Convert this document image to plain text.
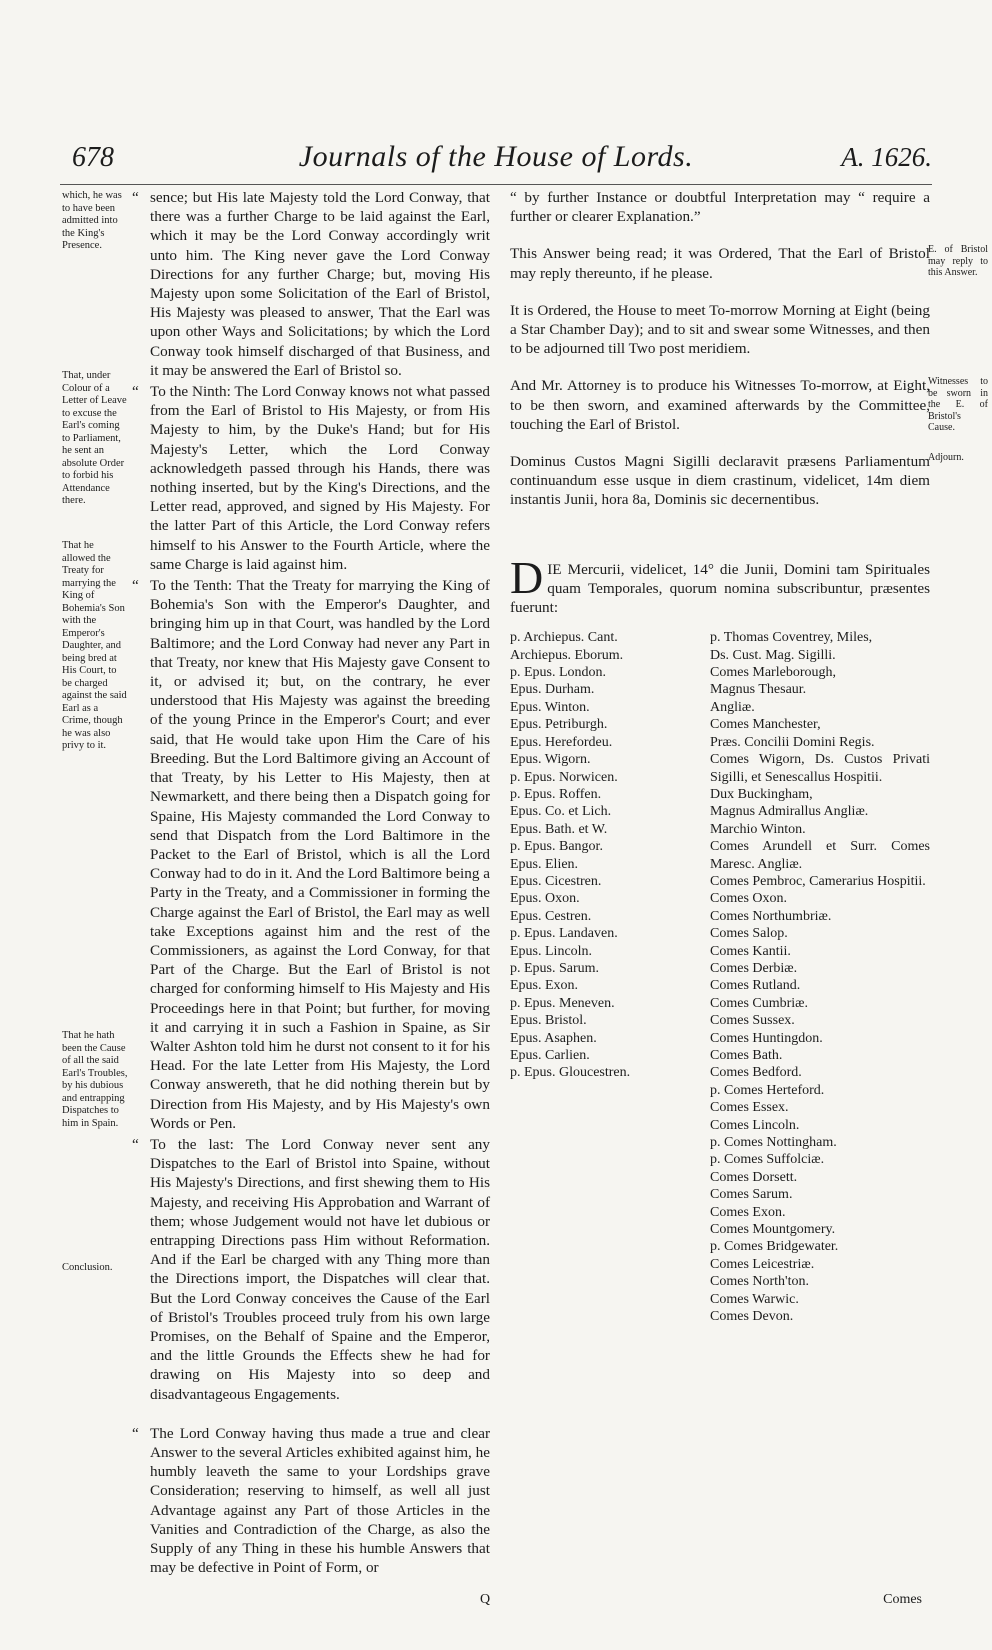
678	Journals of the House of Lords.	A. 1626.
which, he was to have been admitted into the King's Presence.
That, under Colour of a Letter of Leave to excuse the Earl's coming to Parliament, he sent an absolute Order to forbid his Attendance there.
That he allowed the Treaty for marrying the King of Bohemia's Son with the Emperor's Daughter, and being bred at His Court, to be charged against the said Earl as a Crime, though he was also privy to it.
That he hath been the Cause of all the said Earl's Troubles, by his dubious and entrapping Dispatches to him in Spain.
Conclusion.

“ sence; but His late Majesty told the Lord Conway, that there was a further Charge to be laid against the Earl, which it may be the Lord Conway accordingly writ unto him. The King never gave the Lord Conway Directions for any further Charge; but, moving His Majesty upon some Solicitation of the Earl of Bristol, His Majesty was pleased to answer, That the Earl was upon other Ways and Solicitations; by which the Lord Conway took himself discharged of that Business, and it may be answered the Earl of Bristol so.

“ To the Ninth: The Lord Conway knows not what passed from the Earl of Bristol to His Majesty, or from His Majesty to him, by the Duke's Hand; but for His Majesty's Letter, which the Lord Conway acknowledgeth passed through his Hands, there was nothing inserted, but by the King's Directions, and the Letter read, approved, and signed by His Majesty. For the latter Part of this Article, the Lord Conway refers himself to his Answer to the Fourth Article, where the same Charge is laid against him.

“ To the Tenth: That the Treaty for marrying the King of Bohemia's Son with the Emperor's Daughter, and bringing him up in that Court, was handled by the Lord Baltimore; and the Lord Conway had never any Part in that Treaty, nor knew that His Majesty gave Consent to it, or advised it; but, on the contrary, he ever understood that His Majesty was against the breeding of the young Prince in the Emperor's Court; and ever said, that He would take upon Him the Care of his Breeding. But the Lord Baltimore giving an Account of that Treaty, by his Letter to His Majesty, then at Newmarkett, and there being then a Dispatch going for Spaine, His Majesty commanded the Lord Conway to send that Dispatch from the Lord Baltimore in the Packet to the Earl of Bristol, which is all the Lord Conway had to do in it. And the Lord Baltimore being a Party in the Treaty, and a Commissioner in forming the Charge against the Earl of Bristol, the Earl may as well take Exceptions against him and the rest of the Commissioners, as against the Lord Conway, for that Part of the Charge. But the Earl of Bristol is not charged for conforming himself to His Majesty and His Proceedings here in that Point; but further, for moving it and carrying it in such a Fashion in Spaine, as Sir Walter Ashton told him he durst not consent to it for his Head. For the late Letter from His Majesty, the Lord Conway answereth, that he did nothing therein but by Direction from His Majesty, and by His Majesty's own Words or Pen.

“ To the last: The Lord Conway never sent any Dispatches to the Earl of Bristol into Spaine, without His Majesty's Directions, and first shewing them to His Majesty, and receiving His Approbation and Warrant of them; whose Judgement would not have let dubious or entrapping Directions pass Him without Reformation. And if the Earl be charged with any Thing more than the Directions import, the Dispatches will clear that. But the Lord Conway conceives the Cause of the Earl of Bristol's Troubles proceed truly from his own large Promises, on the Behalf of Spaine and the Emperor, and the little Grounds the Effects shew he had for drawing on His Majesty into so deep and disadvantageous Engagements.

“ The Lord Conway having thus made a true and clear Answer to the several Articles exhibited against him, he humbly leaveth the same to your Lordships grave Consideration; reserving to himself, as well all just Advantage against any Part of those Articles in the Vanities and Contradiction of the Charge, as also the Supply of any Thing in these his humble Answers that may be defective in Point of Form, or

“ by further Instance or doubtful Interpretation may “ require a further or clearer Explanation.”

This Answer being read; it was Ordered, That the Earl of Bristol may reply thereunto, if he please.

E. of Bristol may reply to this Answer.

It is Ordered, the House to meet To-morrow Morning at Eight (being a Star Chamber Day); and to sit and swear some Witnesses, and then to be adjourned till Two post meridiem.

And Mr. Attorney is to produce his Witnesses To-morrow, at Eight, to be then sworn, and examined afterwards by the Committee, touching the Earl of Bristol.

Witnesses to be sworn in the E. of Bristol's Cause.

Dominus Custos Magni Sigilli declaravit præsens Parliamentum continuandum esse usque in diem crastinum, videlicet, 14m diem instantis Junii, hora 8a, Dominis sic decernentibus.

Adjourn.
DIE Mercurii, videlicet, 14° die Junii, Domini tam Spirituales quam Temporales, quorum nomina subscribuntur, præsentes fuerunt:
p. Archiepus. Cant.
Archiepus. Eborum.
p. Epus. London.
Epus. Durham.
Epus. Winton.
Epus. Petriburgh.
Epus. Herefordeu.
Epus. Wigorn.
p. Epus. Norwicen.
p. Epus. Roffen.
Epus. Co. et Lich.
Epus. Bath. et W.
p. Epus. Bangor.
Epus. Elien.
Epus. Cicestren.
Epus. Oxon.
Epus. Cestren.
p. Epus. Landaven.
Epus. Lincoln.
p. Epus. Sarum.
Epus. Exon.
p. Epus. Meneven.
Epus. Bristol.
Epus. Asaphen.
Epus. Carlien.
p. Epus. Gloucestren.
p. Thomas Coventrey, Miles,
Ds. Cust. Mag. Sigilli.
Comes Marleborough,
Magnus Thesaur.
Angliæ.
Comes Manchester,
Præs. Concilii Domini Regis.
Comes Wigorn, Ds. Custos Privati Sigilli, et Senescallus Hospitii.
Dux Buckingham,
Magnus Admirallus Angliæ.
Marchio Winton.
Comes Arundell et Surr. Comes Maresc. Angliæ.
Comes Pembroc, Camerarius Hospitii.
Comes Oxon.
Comes Northumbriæ.
Comes Salop.
Comes Kantii.
Comes Derbiæ.
Comes Rutland.
Comes Cumbriæ.
Comes Sussex.
Comes Huntingdon.
Comes Bath.
Comes Bedford.
p. Comes Herteford.
Comes Essex.
Comes Lincoln.
p. Comes Nottingham.
p. Comes Suffolciæ.
Comes Dorsett.
Comes Sarum.
Comes Exon.
Comes Mountgomery.
p. Comes Bridgewater.
Comes Leicestriæ.
Comes North'ton.
Comes Warwic.
Comes Devon.
Q	Comes
